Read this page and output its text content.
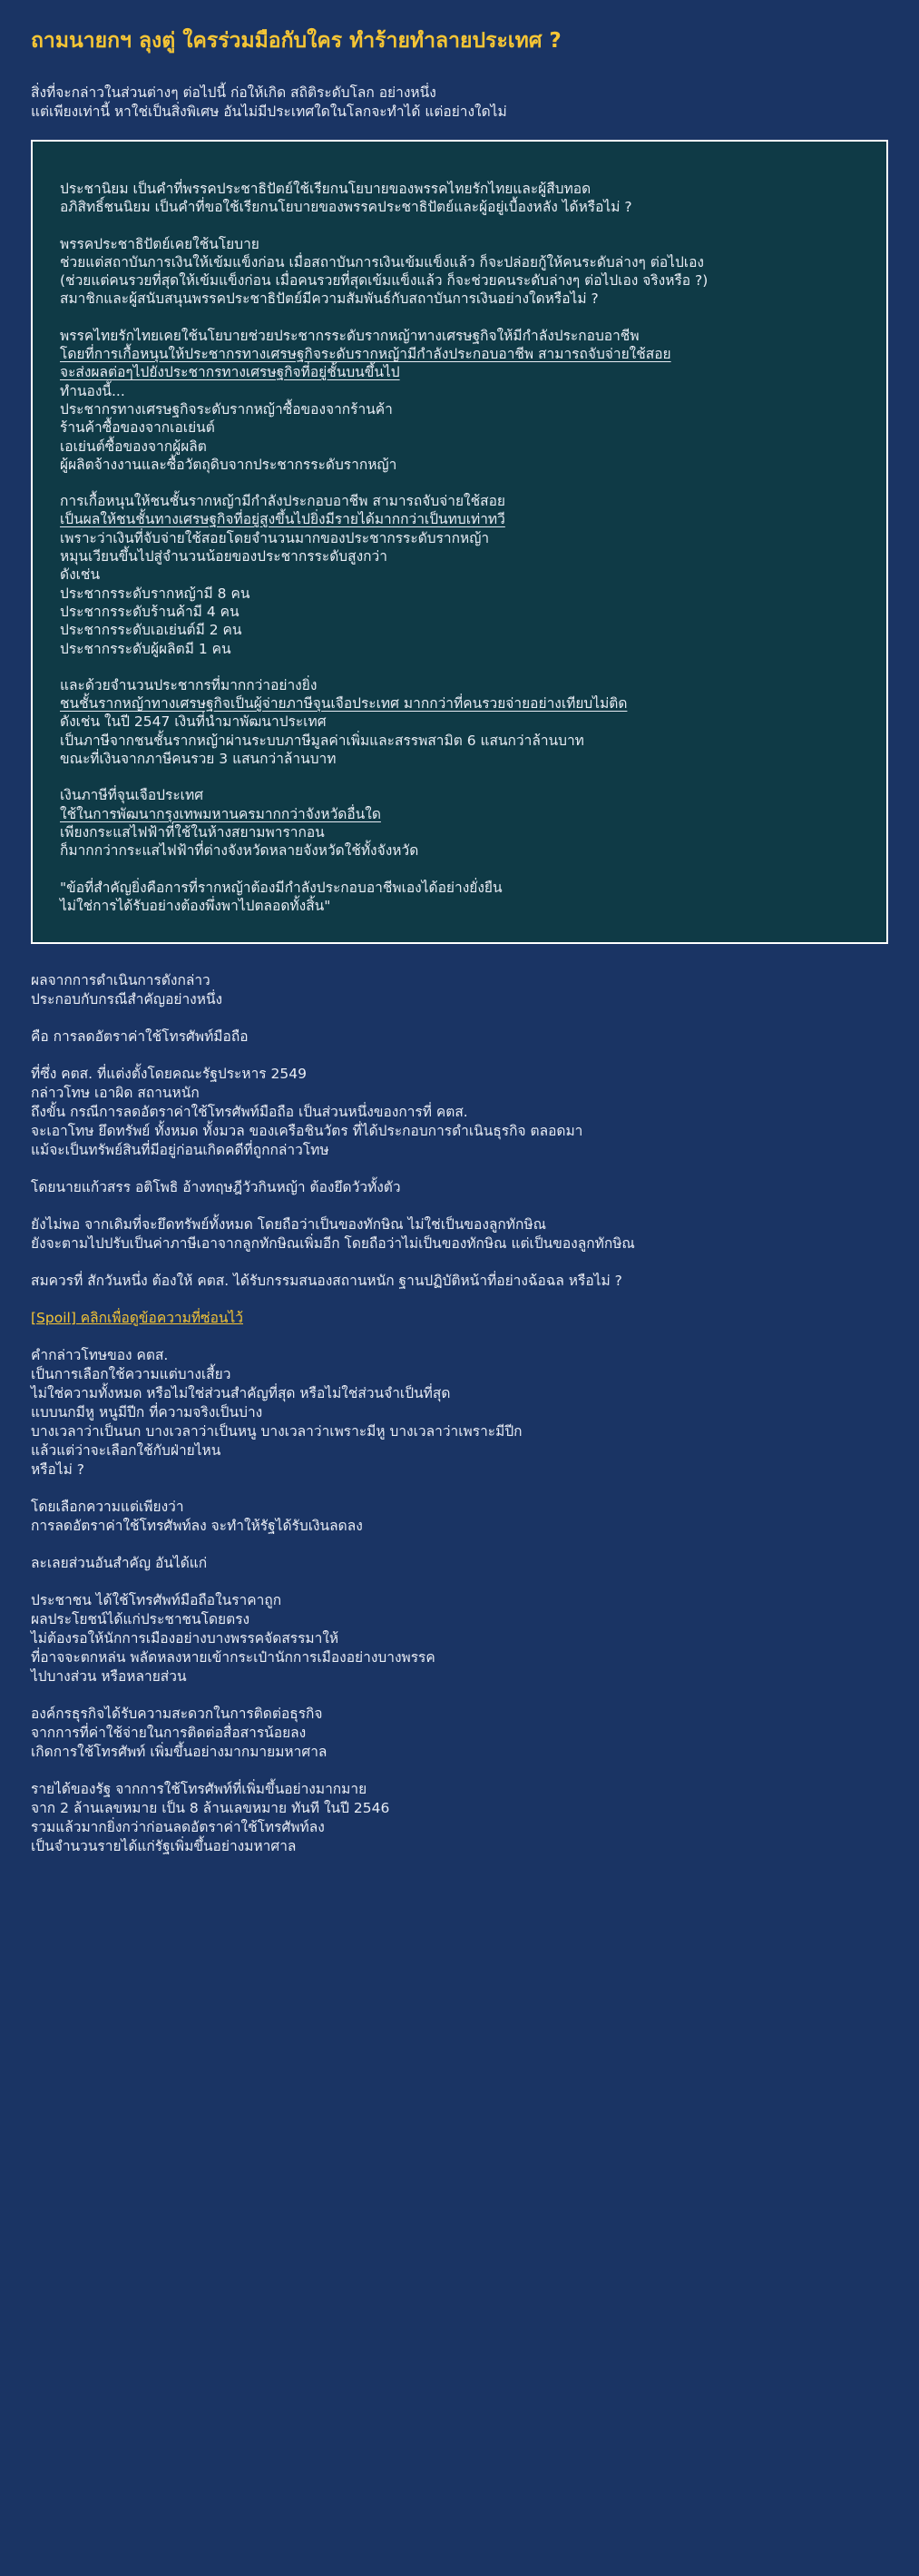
ถามนายกฯ ลุงตู่ ใครร่วมมือกับใคร ทำร้ายทำลายประเทศ ?
สิ่งที่จะกล่าวในส่วนต่างๆ ต่อไปนี้ ก่อให้เกิด สถิติระดับโลก อย่างหนึ่ง
แต่เพียงเท่านี้ หาใช่เป็นสิ่งพิเศษ อันไม่มีประเทศใดในโลกจะทำได้ แต่อย่างใดไม่
ประชานิยม เป็นคำที่พรรคประชาธิปัตย์ใช้เรียกนโยบายของพรรคไทยรักไทยและผู้สืบทอด
อภิสิทธิ์ชนนิยม เป็นคำที่ขอใช้เรียกนโยบายของพรรคประชาธิปัตย์และผู้อยู่เบื้องหลัง ได้หรือไม่ ?
พรรคประชาธิปัตย์เคยใช้นโยบาย
ช่วยแต่สถาบันการเงินให้เข้มแข็งก่อน เมื่อสถาบันการเงินเข้มแข็งแล้ว ก็จะปล่อยกู้ให้คนระดับล่างๆ ต่อไปเอง
(ช่วยแต่คนรวยที่สุดให้เข้มแข็งก่อน เมื่อคนรวยที่สุดเข้มแข็งแล้ว ก็จะช่วยคนระดับล่างๆ ต่อไปเอง จริงหรือ ?)
สมาชิกและผู้สนับสนุนพรรคประชาธิปัตย์มีความสัมพันธ์กับสถาบันการเงินอย่างใดหรือไม่ ?
พรรคไทยรักไทยเคยใช้นโยบายช่วยประชากรระดับรากหญ้าทางเศรษฐกิจให้มีกำลังประกอบอาชีพ
โดยที่การเกื้อหนุนให้ประชากรทางเศรษฐกิจระดับรากหญ้ามีกำลังประกอบอาชีพ สามารถจับจ่ายใช้สอย
จะส่งผลต่อๆไปยังประชากรทางเศรษฐกิจที่อยู่ชั้นบนขึ้นไป
ทำนองนี้...
ประชากรทางเศรษฐกิจระดับรากหญ้าซื้อของจากร้านค้า
ร้านค้าซื้อของจากเอเย่นต์
เอเย่นต์ซื้อของจากผู้ผลิต
ผู้ผลิตจ้างงานและซื้อวัตถุดิบจากประชากรระดับรากหญ้า
การเกื้อหนุนให้ชนชั้นรากหญ้ามีกำลังประกอบอาชีพ สามารถจับจ่ายใช้สอย
เป็นผลให้ชนชั้นทางเศรษฐกิจที่อยู่สูงขึ้นไปยิ่งมีรายได้มากกว่าเป็นทบเท่าทวี
เพราะว่าเงินที่จับจ่ายใช้สอยโดยจำนวนมากของประชากรระดับรากหญ้า
หมุนเวียนขึ้นไปสู่จำนวนน้อยของประชากรระดับสูงกว่า
ดังเช่น
ประชากรระดับรากหญ้ามี 8 คน
ประชากรระดับร้านค้ามี 4 คน
ประชากรระดับเอเย่นต์มี 2 คน
ประชากรระดับผู้ผลิตมี 1 คน
และด้วยจำนวนประชากรที่มากกว่าอย่างยิ่ง
ชนชั้นรากหญ้าทางเศรษฐกิจเป็นผู้จ่ายภาษีจุนเจือประเทศ มากกว่าที่คนรวยจ่ายอย่างเทียบไม่ติด
ดังเช่น ในปี 2547 เงินที่นำมาพัฒนาประเทศ
เป็นภาษีจากชนชั้นรากหญ้าผ่านระบบภาษีมูลค่าเพิ่มและสรรพสามิต 6 แสนกว่าล้านบาท
ขณะที่เงินจากภาษีคนรวย 3 แสนกว่าล้านบาท
เงินภาษีที่จุนเจือประเทศ
ใช้ในการพัฒนากรุงเทพมหานครมากกว่าจังหวัดอื่นใด
เพียงกระแสไฟฟ้าที่ใช้ในห้างสยามพารากอน
ก็มากกว่ากระแสไฟฟ้าที่ต่างจังหวัดหลายจังหวัดใช้ทั้งจังหวัด
"ข้อที่สำคัญยิ่งคือการที่รากหญ้าต้องมีกำลังประกอบอาชีพเองได้อย่างยั่งยืน
ไม่ใช่การได้รับอย่างต้องพึ่งพาไปตลอดทั้งสิ้น"
ผลจากการดำเนินการดังกล่าว
ประกอบกับกรณีสำคัญอย่างหนึ่ง
คือ การลดอัตราค่าใช้โทรศัพท์มือถือ
ที่ซึ่ง คตส. ที่แต่งตั้งโดยคณะรัฐประหาร 2549
กล่าวโทษ เอาผิด สถานหนัก
ถึงขั้น กรณีการลดอัตราค่าใช้โทรศัพท์มือถือ เป็นส่วนหนึ่งของการที่ คตส.
จะเอาโทษ ยึดทรัพย์ ทั้งหมด ทั้งมวล ของเครือชินวัตร ที่ได้ประกอบการดำเนินธุรกิจ ตลอดมา
แม้จะเป็นทรัพย์สินที่มีอยู่ก่อนเกิดคดีที่ถูกกล่าวโทษ
โดยนายแก้วสรร อติโพธิ อ้างทฤษฎีวัวกินหญ้า ต้องยึดวัวทั้งตัว
ยังไม่พอ จากเดิมที่จะยึดทรัพย์ทั้งหมด โดยถือว่าเป็นของทักษิณ ไม่ใช่เป็นของลูกทักษิณ
ยังจะตามไปปรับเป็นค่าภาษีเอาจากลูกทักษิณเพิ่มอีก โดยถือว่าไม่เป็นของทักษิณ แต่เป็นของลูกทักษิณ
สมควรที่ สักวันหนึ่ง ต้องให้ คตส. ได้รับกรรมสนองสถานหนัก ฐานปฏิบัติหน้าที่อย่างฉ้อฉล หรือไม่ ?
[Spoil] คลิกเพื่อดูข้อความที่ซ่อนไว้
คำกล่าวโทษของ คตส.
เป็นการเลือกใช้ความแต่บางเสี้ยว
ไม่ใช่ความทั้งหมด หรือไม่ใช่ส่วนสำคัญที่สุด หรือไม่ใช่ส่วนจำเป็นที่สุด
แบบนกมีหู หนูมีปีก ที่ความจริงเป็นบ่าง
บางเวลาว่าเป็นนก บางเวลาว่าเป็นหนู บางเวลาว่าเพราะมีหู บางเวลาว่าเพราะมีปีก
แล้วแต่ว่าจะเลือกใช้กับฝ่ายไหน
หรือไม่ ?
โดยเลือกความแต่เพียงว่า
การลดอัตราค่าใช้โทรศัพท์ลง จะทำให้รัฐได้รับเงินลดลง
ละเลยส่วนอันสำคัญ อันได้แก่
ประชาชน ได้ใช้โทรศัพท์มือถือในราคาถูก
ผลประโยชน์ได้แก่ประชาชนโดยตรง
ไม่ต้องรอให้นักการเมืองอย่างบางพรรคจัดสรรมาให้
ที่อาจจะตกหล่น พลัดหลงหายเข้ากระเป๋านักการเมืองอย่างบางพรรค
ไปบางส่วน หรือหลายส่วน
องค์กรธุรกิจได้รับความสะดวกในการติดต่อธุรกิจ
จากการที่ค่าใช้จ่ายในการติดต่อสื่อสารน้อยลง
เกิดการใช้โทรศัพท์ เพิ่มขึ้นอย่างมากมายมหาศาล
รายได้ของรัฐ จากการใช้โทรศัพท์ที่เพิ่มขึ้นอย่างมากมาย
จาก 2 ล้านเลขหมาย เป็น 8 ล้านเลขหมาย ทันที ในปี 2546
รวมแล้วมากยิ่งกว่าก่อนลดอัตราค่าใช้โทรศัพท์ลง
เป็นจำนวนรายได้แก่รัฐเพิ่มขึ้นอย่างมหาศาล
